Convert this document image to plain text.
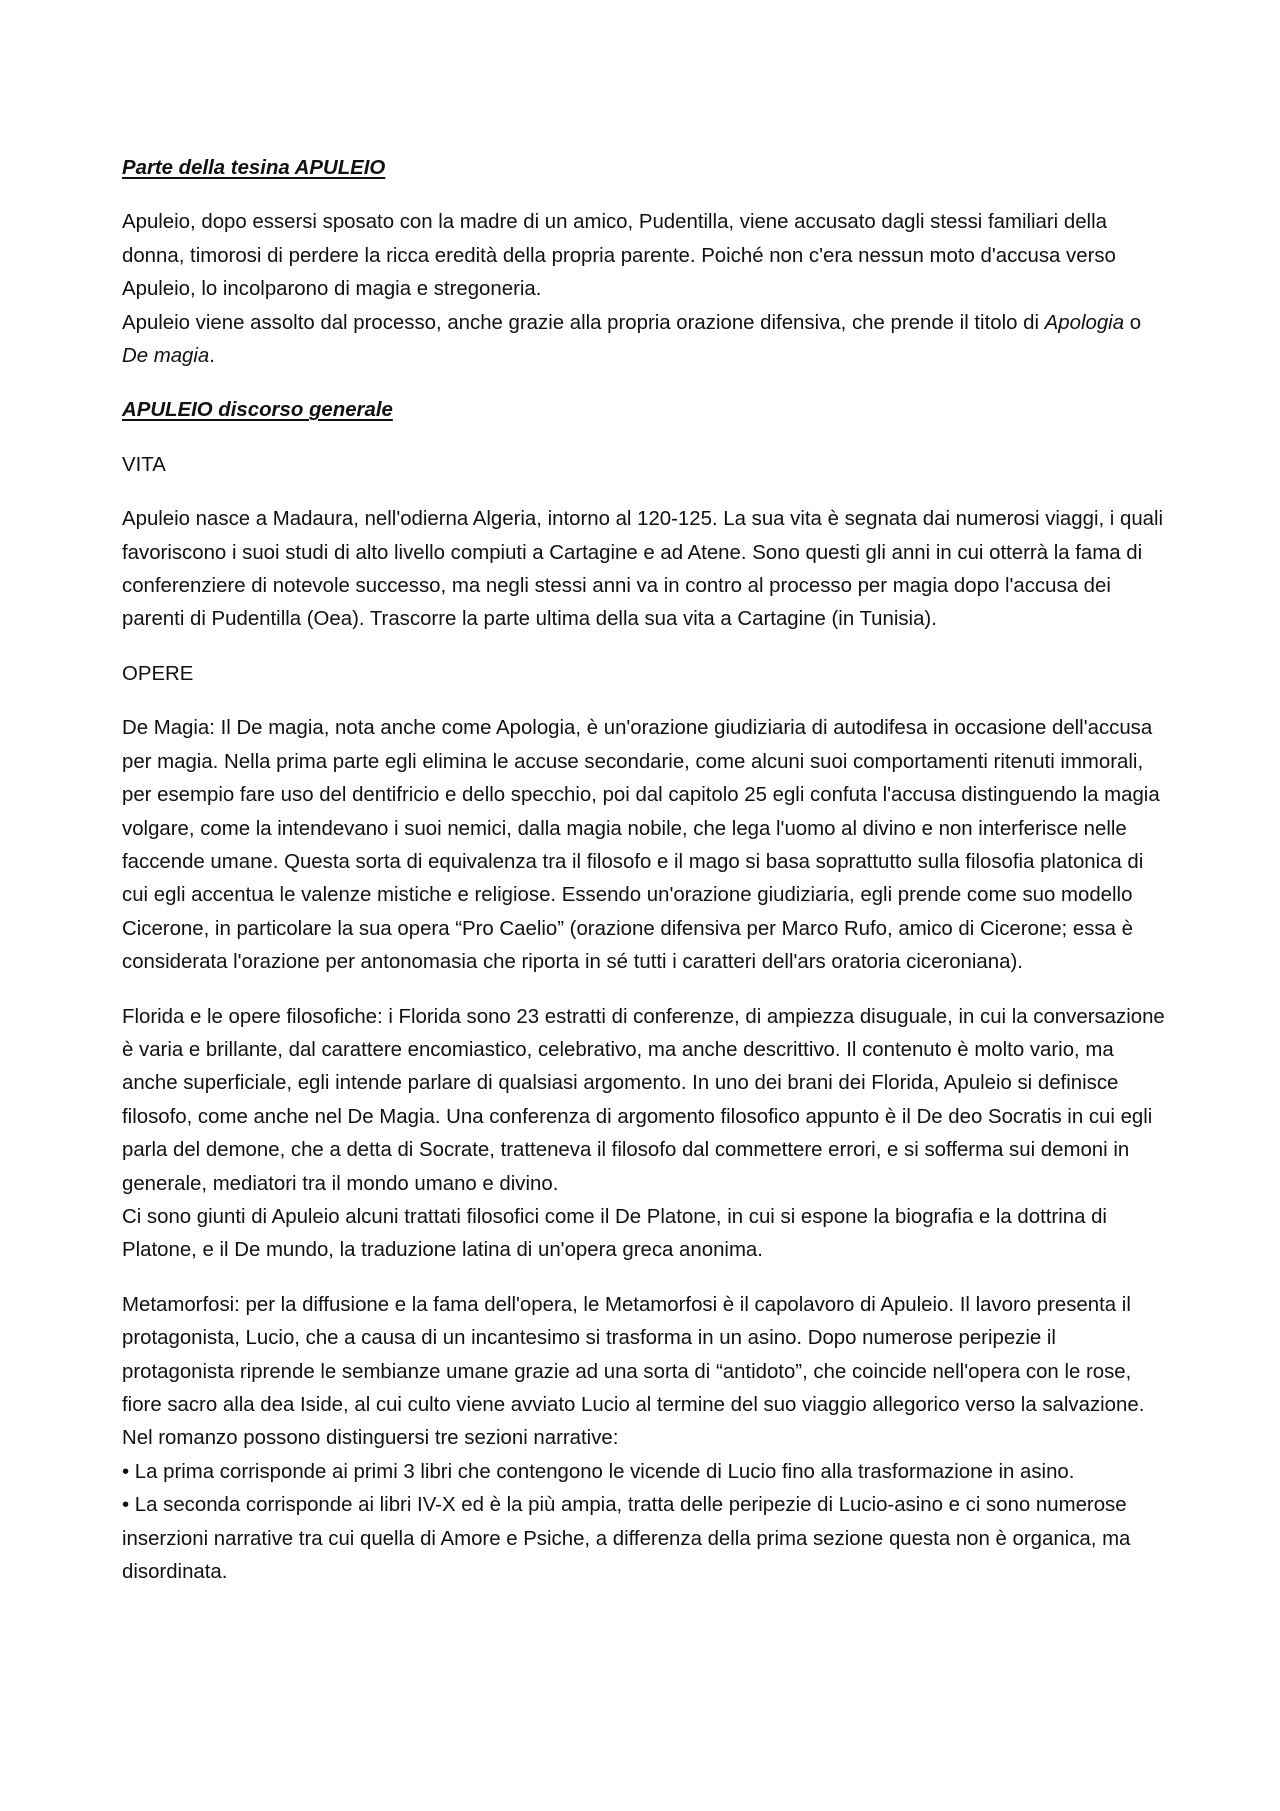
Parte della tesina APULEIO

Apuleio, dopo essersi sposato con la madre di un amico, Pudentilla, viene accusato dagli stessi familiari della donna, timorosi di perdere la ricca eredità della propria parente. Poiché non c'era nessun moto d'accusa verso Apuleio, lo incolparono di magia e stregoneria.
Apuleio viene assolto dal processo, anche grazie alla propria orazione difensiva, che prende il titolo di Apologia o De magia.

APULEIO discorso generale

VITA

Apuleio nasce a Madaura, nell'odierna Algeria, intorno al 120-125. La sua vita è segnata dai numerosi viaggi, i quali favoriscono i suoi studi di alto livello compiuti a Cartagine e ad Atene. Sono questi gli anni in cui otterrà la fama di conferenziere di notevole successo, ma negli stessi anni va in contro al processo per magia dopo l'accusa dei parenti di Pudentilla (Oea). Trascorre la parte ultima della sua vita a Cartagine (in Tunisia).

OPERE

De Magia: Il De magia, nota anche come Apologia, è un'orazione giudiziaria di autodifesa in occasione dell'accusa per magia. Nella prima parte egli elimina le accuse secondarie, come alcuni suoi comportamenti ritenuti immorali, per esempio fare uso del dentifricio e dello specchio, poi dal capitolo 25 egli confuta l'accusa distinguendo la magia volgare, come la intendevano i suoi nemici, dalla magia nobile, che lega l'uomo al divino e non interferisce nelle faccende umane. Questa sorta di equivalenza tra il filosofo e il mago si basa soprattutto sulla filosofia platonica di cui egli accentua le valenze mistiche e religiose. Essendo un'orazione giudiziaria, egli prende come suo modello Cicerone, in particolare la sua opera “Pro Caelio” (orazione difensiva per Marco Rufo, amico di Cicerone; essa è considerata l'orazione per antonomasia che riporta in sé tutti i caratteri dell'ars oratoria ciceroniana).

Florida e le opere filosofiche: i Florida sono 23 estratti di conferenze, di ampiezza disuguale, in cui la conversazione è varia e brillante, dal carattere encomiastico, celebrativo, ma anche descrittivo. Il contenuto è molto vario, ma anche superficiale, egli intende parlare di qualsiasi argomento. In uno dei brani dei Florida, Apuleio si definisce filosofo, come anche nel De Magia. Una conferenza di argomento filosofico appunto è il De deo Socratis in cui egli parla del demone, che a detta di Socrate, tratteneva il filosofo dal commettere errori, e si sofferma sui demoni in generale, mediatori tra il mondo umano e divino.
Ci sono giunti di Apuleio alcuni trattati filosofici come il De Platone, in cui si espone la biografia e la dottrina di Platone, e il De mundo, la traduzione latina di un'opera greca anonima.

Metamorfosi: per la diffusione e la fama dell'opera, le Metamorfosi è il capolavoro di Apuleio. Il lavoro presenta il protagonista, Lucio, che a causa di un incantesimo si trasforma in un asino. Dopo numerose peripezie il protagonista riprende le sembianze umane grazie ad una sorta di “antidoto”, che coincide nell'opera con le rose, fiore sacro alla dea Iside, al cui culto viene avviato Lucio al termine del suo viaggio allegorico verso la salvazione. Nel romanzo possono distinguersi tre sezioni narrative:
• La prima corrisponde ai primi 3 libri che contengono le vicende di Lucio fino alla trasformazione in asino.
• La seconda corrisponde ai libri IV-X ed è la più ampia, tratta delle peripezie di Lucio-asino e ci sono numerose inserzioni narrative tra cui quella di Amore e Psiche, a differenza della prima sezione questa non è organica, ma disordinata.
